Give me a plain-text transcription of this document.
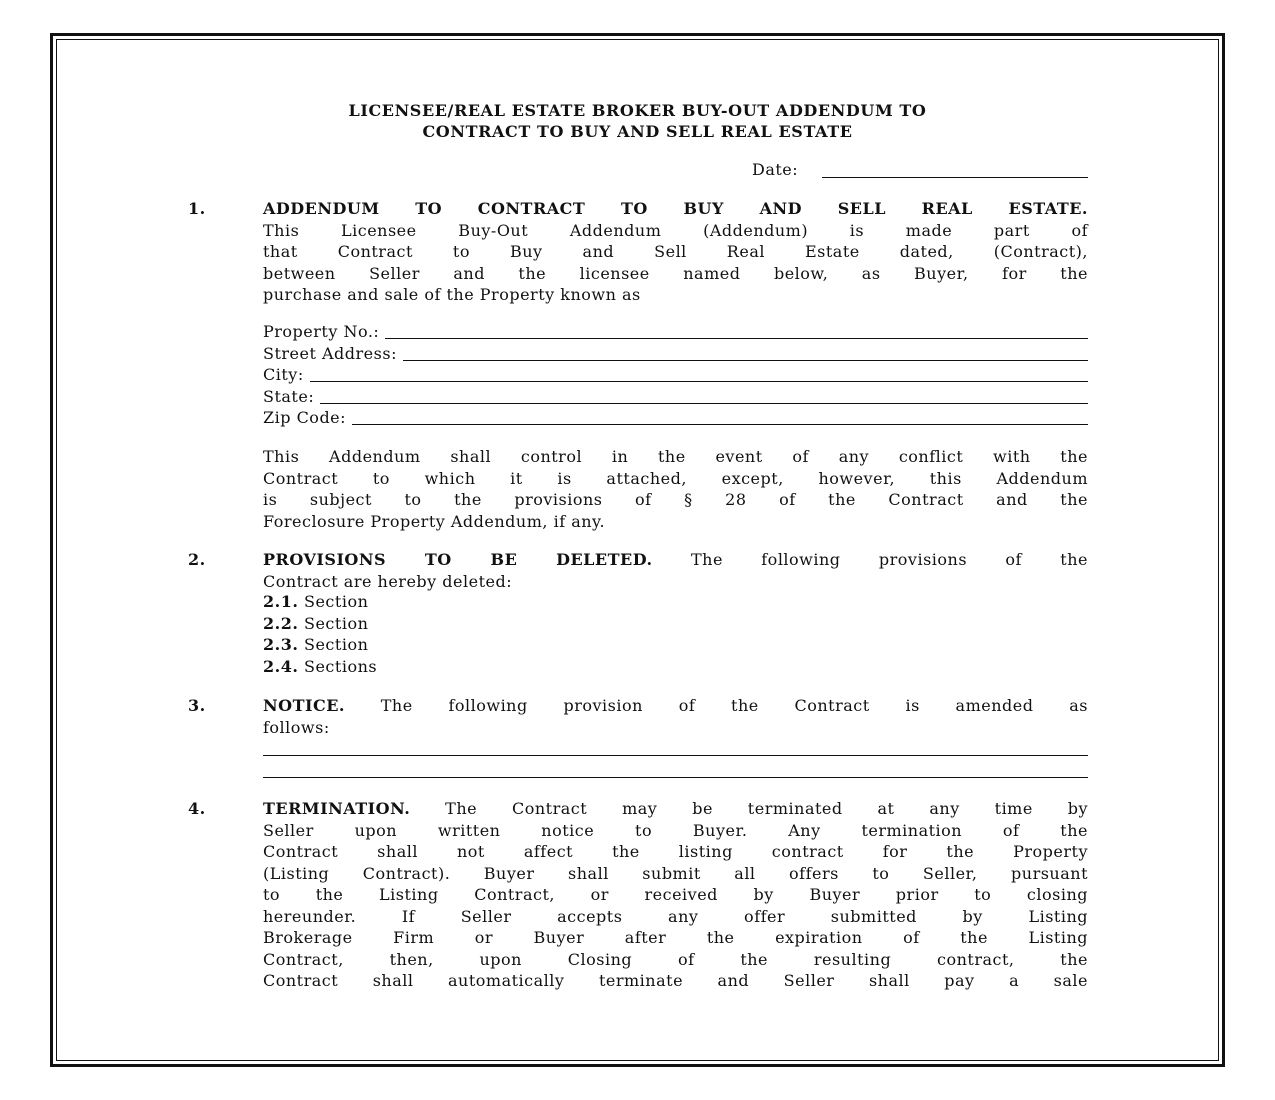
LICENSEE/REAL ESTATE BROKER BUY-OUT ADDENDUM TO
CONTRACT TO BUY AND SELL REAL ESTATE
Date:
1.	ADDENDUM TO CONTRACT TO BUY AND SELL REAL ESTATE.
This Licensee Buy-Out Addendum (Addendum) is made part of
that Contract to Buy and Sell Real Estate dated, (Contract),
between Seller and the licensee named below, as Buyer, for the
purchase and sale of the Property known as
Property No.:
Street Address:
City:
State:
Zip Code:
This Addendum shall control in the event of any conflict with the
Contract to which it is attached, except, however, this Addendum
is subject to the provisions of § 28 of the Contract and the
Foreclosure Property Addendum, if any.
2.	PROVISIONS TO BE DELETED. The following provisions of the
Contract are hereby deleted:
2.1. Section
2.2. Section
2.3. Section
2.4. Sections
3.	NOTICE. The following provision of the Contract is amended as
follows:
4.	TERMINATION. The Contract may be terminated at any time by
Seller upon written notice to Buyer. Any termination of the
Contract shall not affect the listing contract for the Property
(Listing Contract). Buyer shall submit all offers to Seller, pursuant
to the Listing Contract, or received by Buyer prior to closing
hereunder. If Seller accepts any offer submitted by Listing
Brokerage Firm or Buyer after the expiration of the Listing
Contract, then, upon Closing of the resulting contract, the
Contract shall automatically terminate and Seller shall pay a sale
